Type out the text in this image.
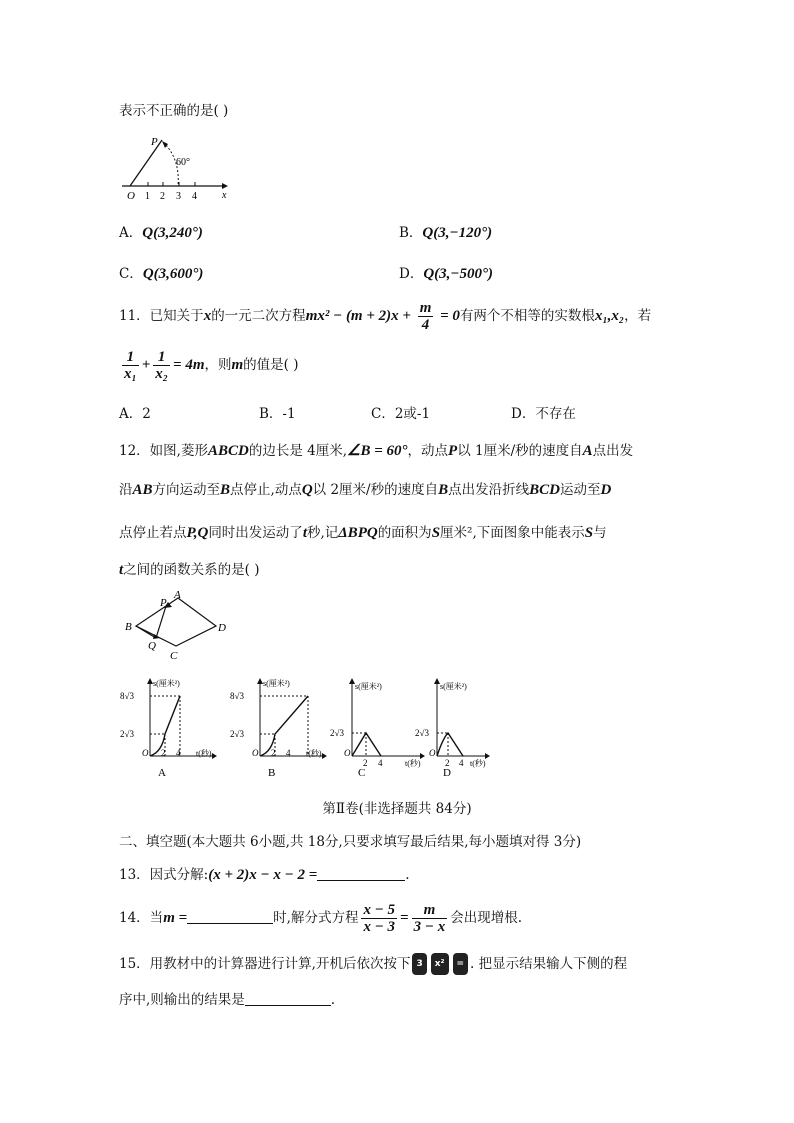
表示不正确的是( )
P
60°
O 1 2 3 4	x
A．Q(3,240°)	B．Q(3,−120°)
C．Q(3,600°)	D．Q(3,−500°)
11．已知关于x的一元二次方程$mx^2 - (m + 2)x + \frac{m}{4} = 0$有两个不相等的实数根x₁,x₂，若
$\frac{1}{\text{x₁}} + \frac{1}{\text{x₂}} = 4m$，则m的值是( )
A．2	B．-1	C．2或-1	D．不存在
12．如图,菱形ABCD的边长是 4厘米,∠B = 60°，动点P以 1厘米/秒的速度自A点出发
沿AB方向运动至B点停止,动点Q以 2厘米/秒的速度自B点出发沿折线BCD运动至D
点停止若点P,Q同时出发运动了t秒,记ΔBPQ的面积为S厘米²,下面图象中能表示S与
t之间的函数关系的是( )
A
P
B
Q
C
D
s(厘米²)
t(秒)
8√3
2√3
O 2 4
A
s(厘米²)
t(秒)
8√3
2√3
O 2 4
B
s(厘米²)
t(秒)
2√3
O
2 4
C
s(厘米²)
t(秒)
2√3
O
2 4
D
第Ⅱ卷(非选择题共 84分)
二、填空题(本大题共 6小题,共 18分,只要求填写最后结果,每小题填对得 3分)
13．因式分解:(x + 2)x − x − 2 =	.
14．当m =	时,解分式方程 $\frac{x - 5}{x - 3} = \frac{m}{3 - x}$ 会出现增根.
15．用教材中的计算器进行计算,开机后依次按下 3 x² = . 把显示结果输人下侧的程
序中,则输出的结果是	.
